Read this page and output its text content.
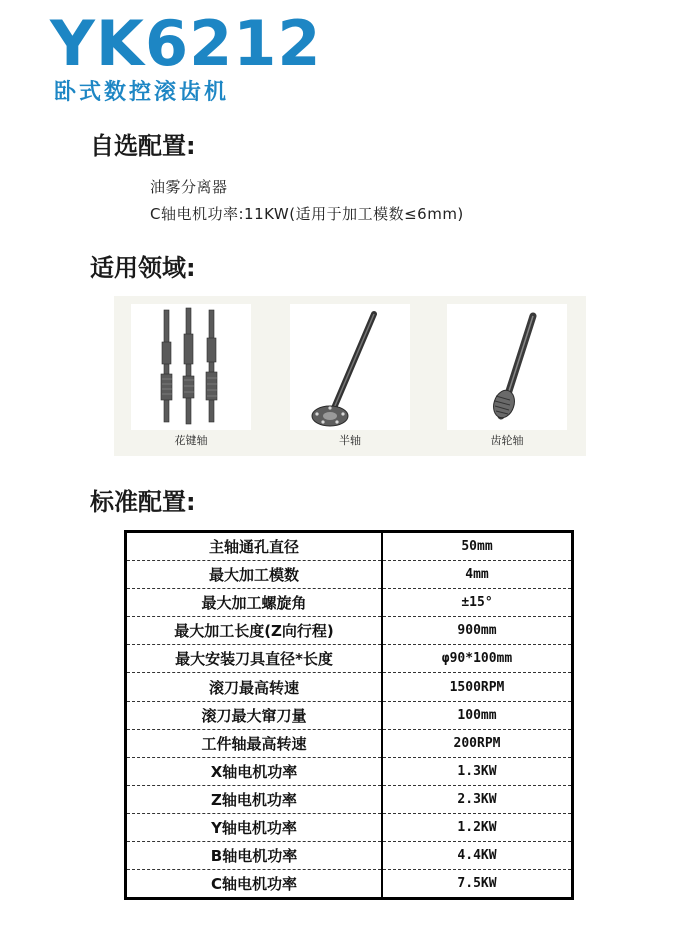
YK6212
卧式数控滚齿机
自选配置:

油雾分离器

C轴电机功率:11KW(适用于加工模数≤6mm)

适用领域:
花键轴	半轴	齿轮轴
标准配置:
主轴通孔直径	50mm
最大加工模数	4mm
最大加工螺旋角	±15°
最大加工长度(Z向行程)	900mm
最大安装刀具直径*长度	φ90*100mm
滚刀最高转速	1500RPM
滚刀最大窜刀量	100mm
工件轴最高转速	200RPM
X轴电机功率	1.3KW
Z轴电机功率	2.3KW
Y轴电机功率	1.2KW
B轴电机功率	4.4KW
C轴电机功率	7.5KW
